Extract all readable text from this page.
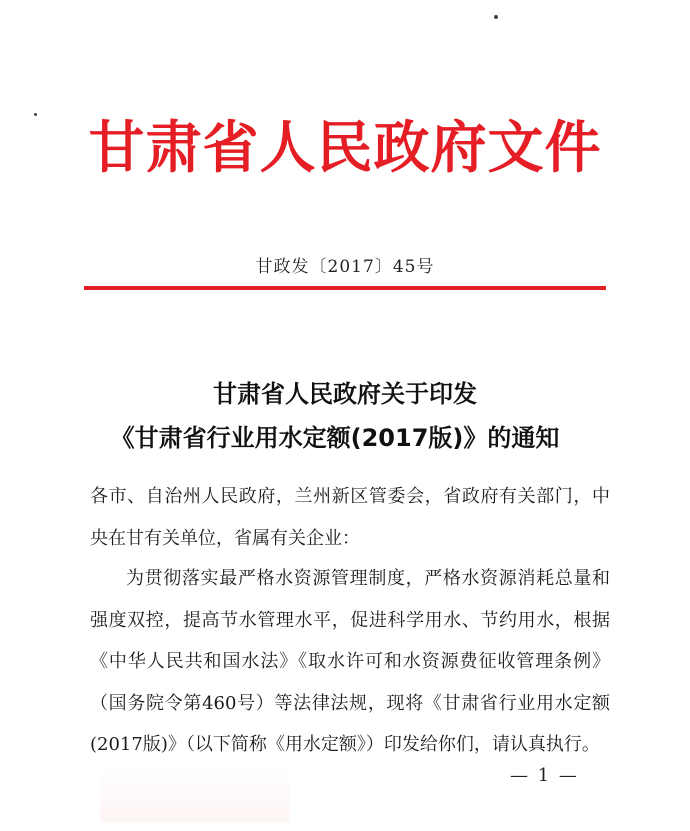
甘肃省人民政府文件
甘政发〔2017〕45号
甘肃省人民政府关于印发
《甘肃省行业用水定额(2017版)》的通知
各市、自治州人民政府，兰州新区管委会，省政府有关部门，中央在甘有关单位，省属有关企业：
为贯彻落实最严格水资源管理制度，严格水资源消耗总量和强度双控，提高节水管理水平，促进科学用水、节约用水，根据《中华人民共和国水法》《取水许可和水资源费征收管理条例》（国务院令第460号）等法律法规，现将《甘肃省行业用水定额(2017版)》（以下简称《用水定额》）印发给你们，请认真执行。
— 1 —
